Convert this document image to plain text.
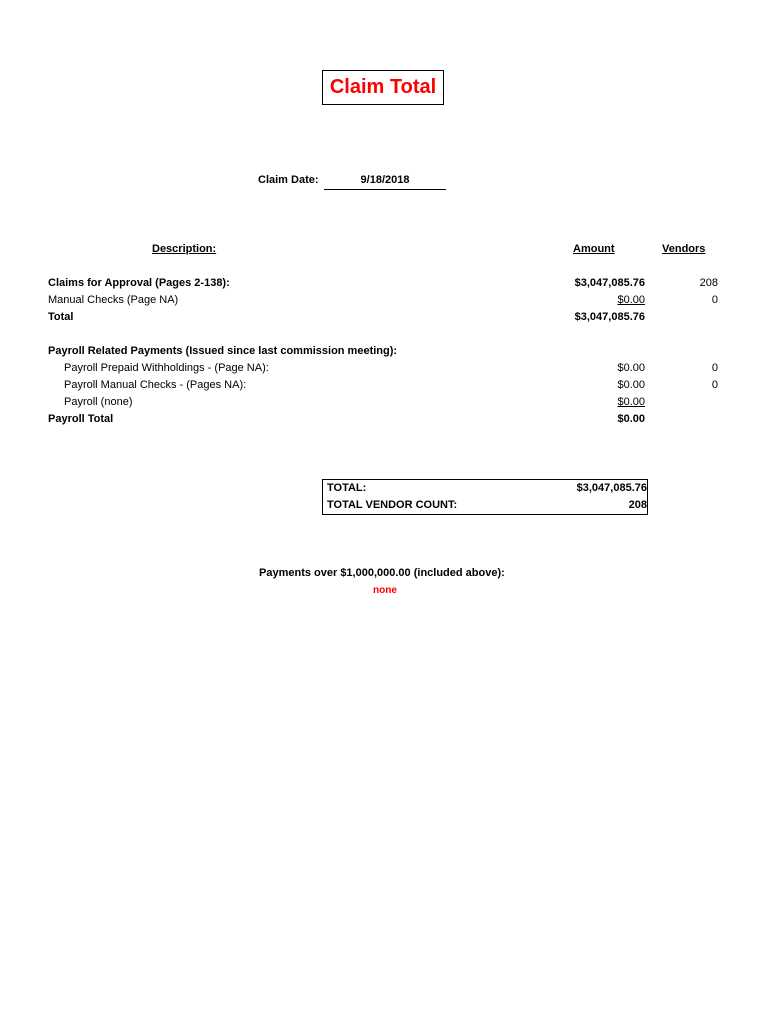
Claim Total
Claim Date:	9/18/2018
Description:	Amount	Vendors
Claims for Approval (Pages 2-138):	$3,047,085.76	208
Manual Checks (Page NA)	$0.00	0
Total	$3,047,085.76
Payroll Related Payments (Issued since last commission meeting):
Payroll Prepaid Withholdings - (Page NA):	$0.00	0
Payroll Manual Checks - (Pages NA):	$0.00	0
Payroll (none)	$0.00
Payroll Total	$0.00
TOTAL:	$3,047,085.76
TOTAL VENDOR COUNT:	208
Payments over $1,000,000.00 (included above):
none
